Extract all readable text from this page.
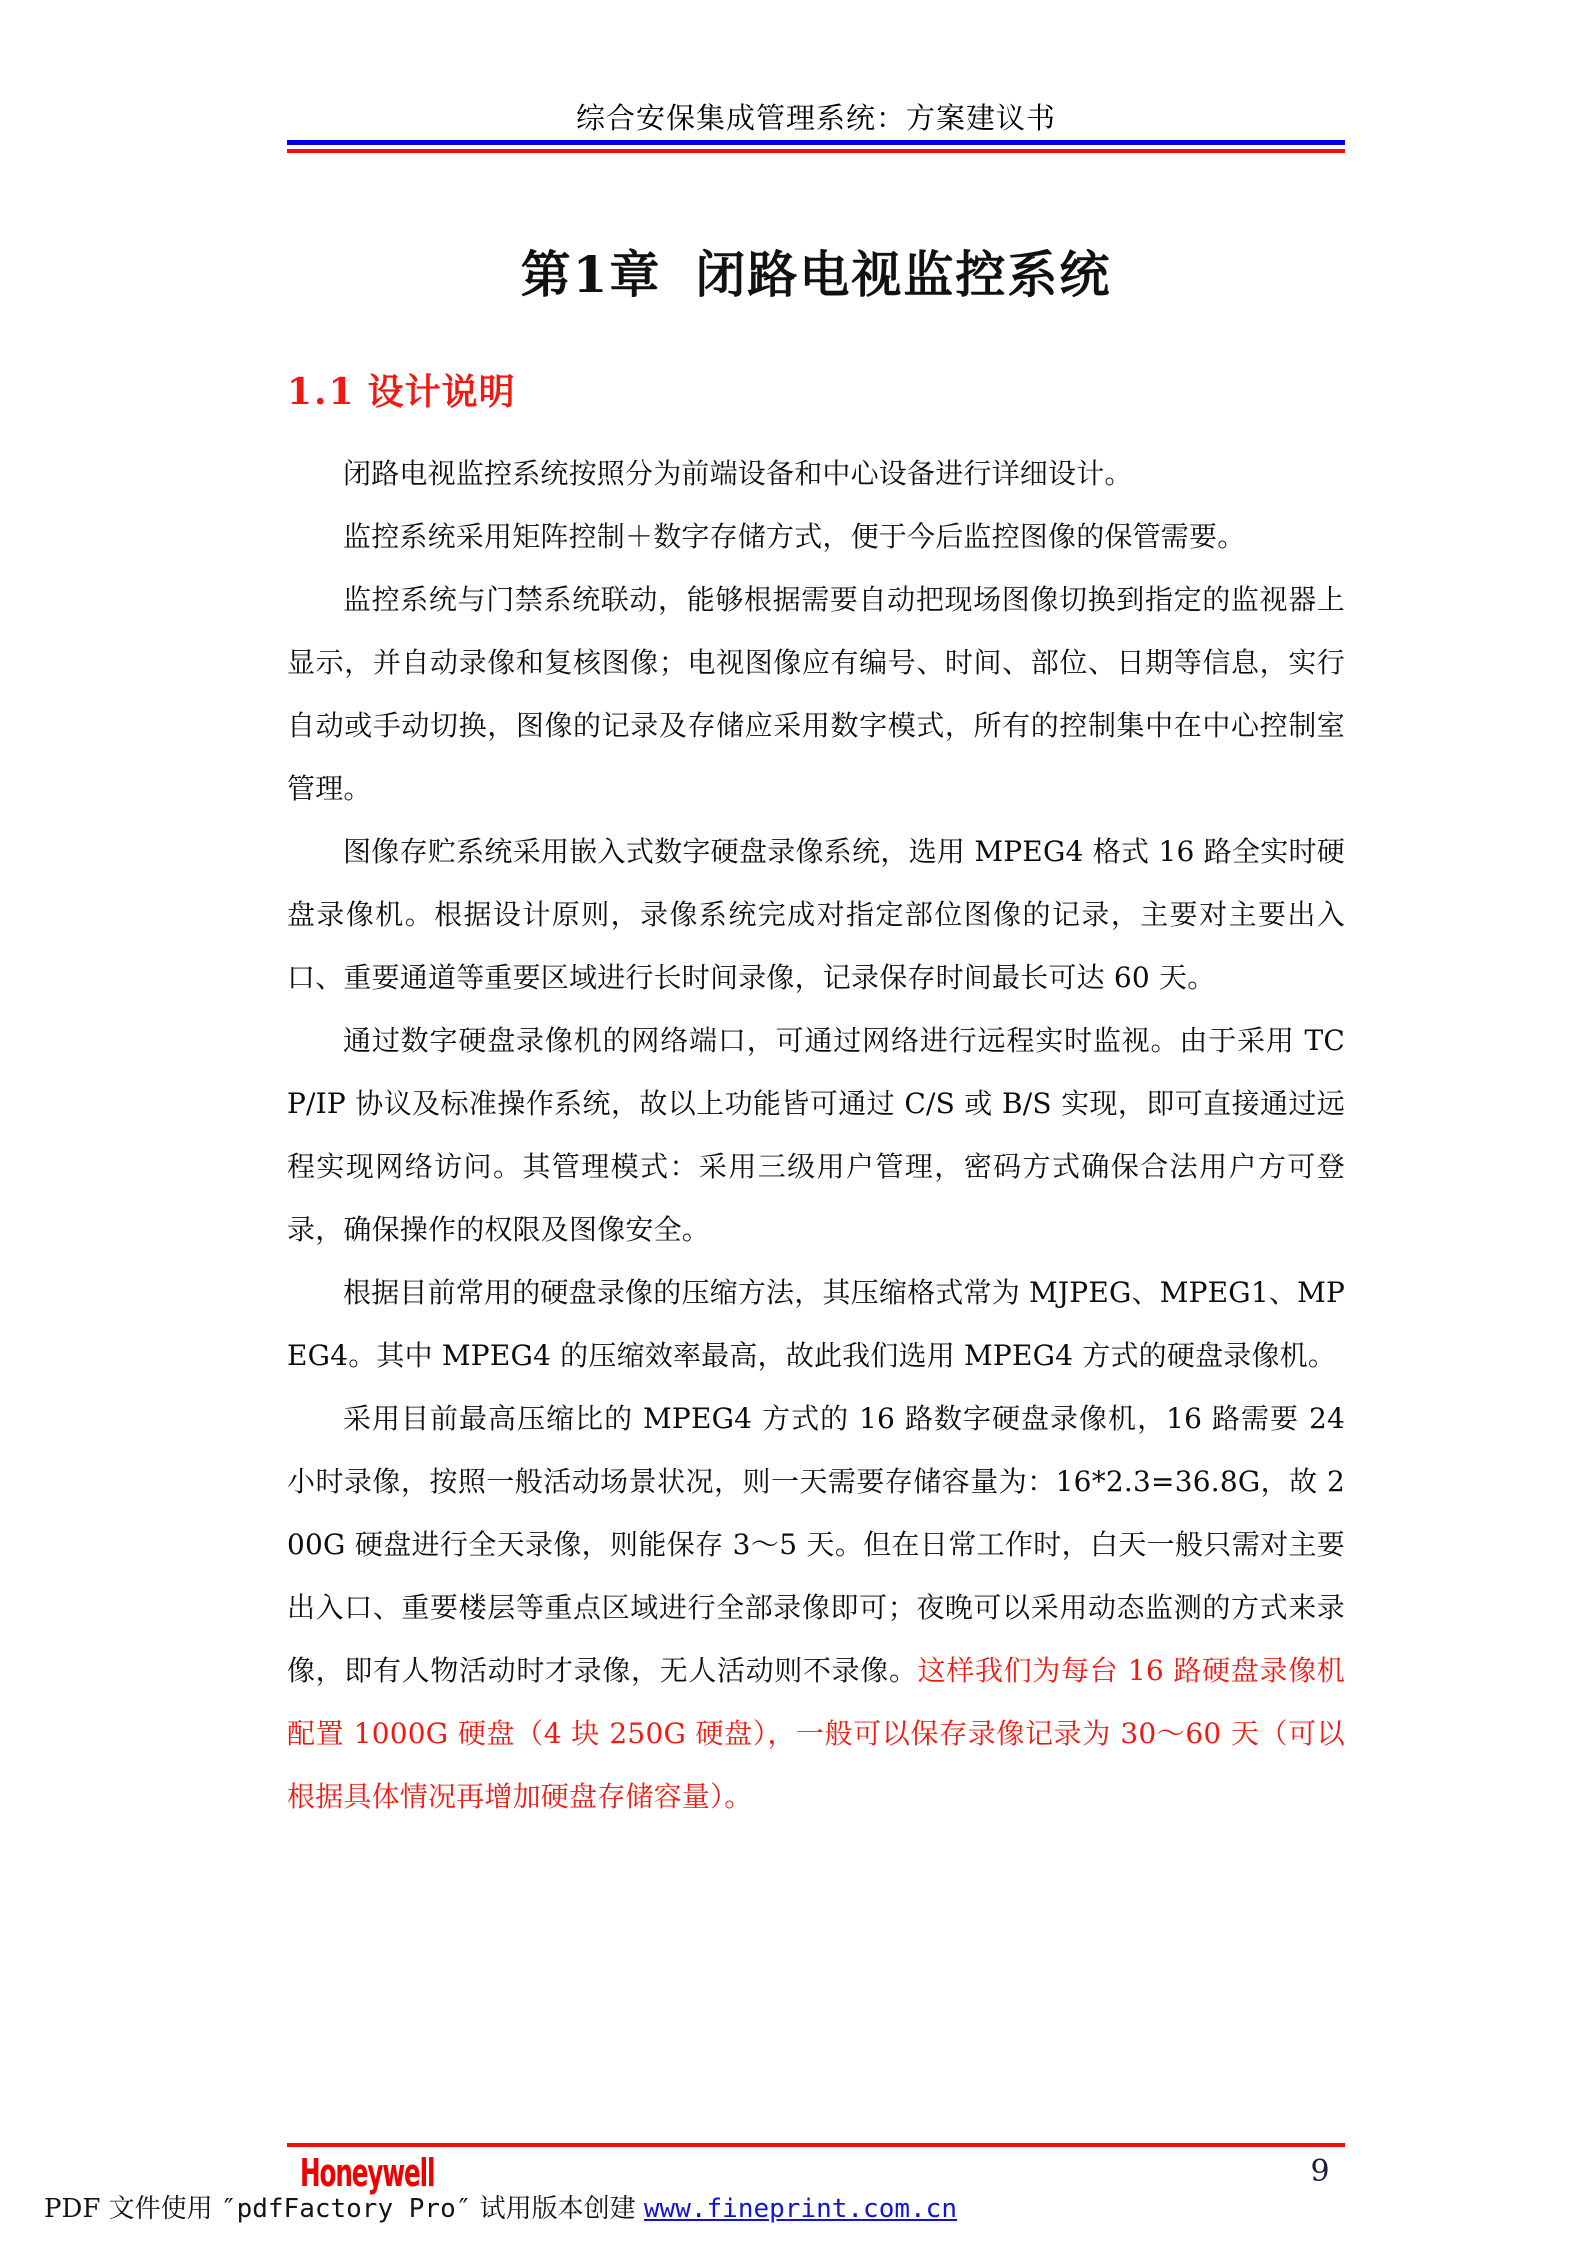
综合安保集成管理系统：方案建议书
第1章 闭路电视监控系统
1.1 设计说明

闭路电视监控系统按照分为前端设备和中心设备进行详细设计。

监控系统采用矩阵控制＋数字存储方式，便于今后监控图像的保管需要。

监控系统与门禁系统联动，能够根据需要自动把现场图像切换到指定的监视器上显示，并自动录像和复核图像；电视图像应有编号、时间、部位、日期等信息，实行自动或手动切换，图像的记录及存储应采用数字模式，所有的控制集中在中心控制室管理。

图像存贮系统采用嵌入式数字硬盘录像系统，选用 MPEG4 格式 16 路全实时硬盘录像机。根据设计原则，录像系统完成对指定部位图像的记录，主要对主要出入口、重要通道等重要区域进行长时间录像，记录保存时间最长可达 60 天。

通过数字硬盘录像机的网络端口，可通过网络进行远程实时监视。由于采用 TCP/IP 协议及标准操作系统，故以上功能皆可通过 C/S 或 B/S 实现，即可直接通过远程实现网络访问。其管理模式：采用三级用户管理，密码方式确保合法用户方可登录，确保操作的权限及图像安全。

根据目前常用的硬盘录像的压缩方法，其压缩格式常为 MJPEG、MPEG1、MPEG4。其中 MPEG4 的压缩效率最高，故此我们选用 MPEG4 方式的硬盘录像机。

采用目前最高压缩比的 MPEG4 方式的 16 路数字硬盘录像机，16 路需要 24 小时录像，按照一般活动场景状况，则一天需要存储容量为：16*2.3=36.8G，故 200G 硬盘进行全天录像，则能保存 3～5 天。但在日常工作时，白天一般只需对主要出入口、重要楼层等重点区域进行全部录像即可；夜晚可以采用动态监测的方式来录像，即有人物活动时才录像，无人活动则不录像。这样我们为每台 16 路硬盘录像机配置 1000G 硬盘（4 块 250G 硬盘），一般可以保存录像记录为 30～60 天（可以根据具体情况再增加硬盘存储容量）。

Honeywell	9
PDF 文件使用 ″pdfFactory Pro″ 试用版本创建 www.fineprint.com.cn
